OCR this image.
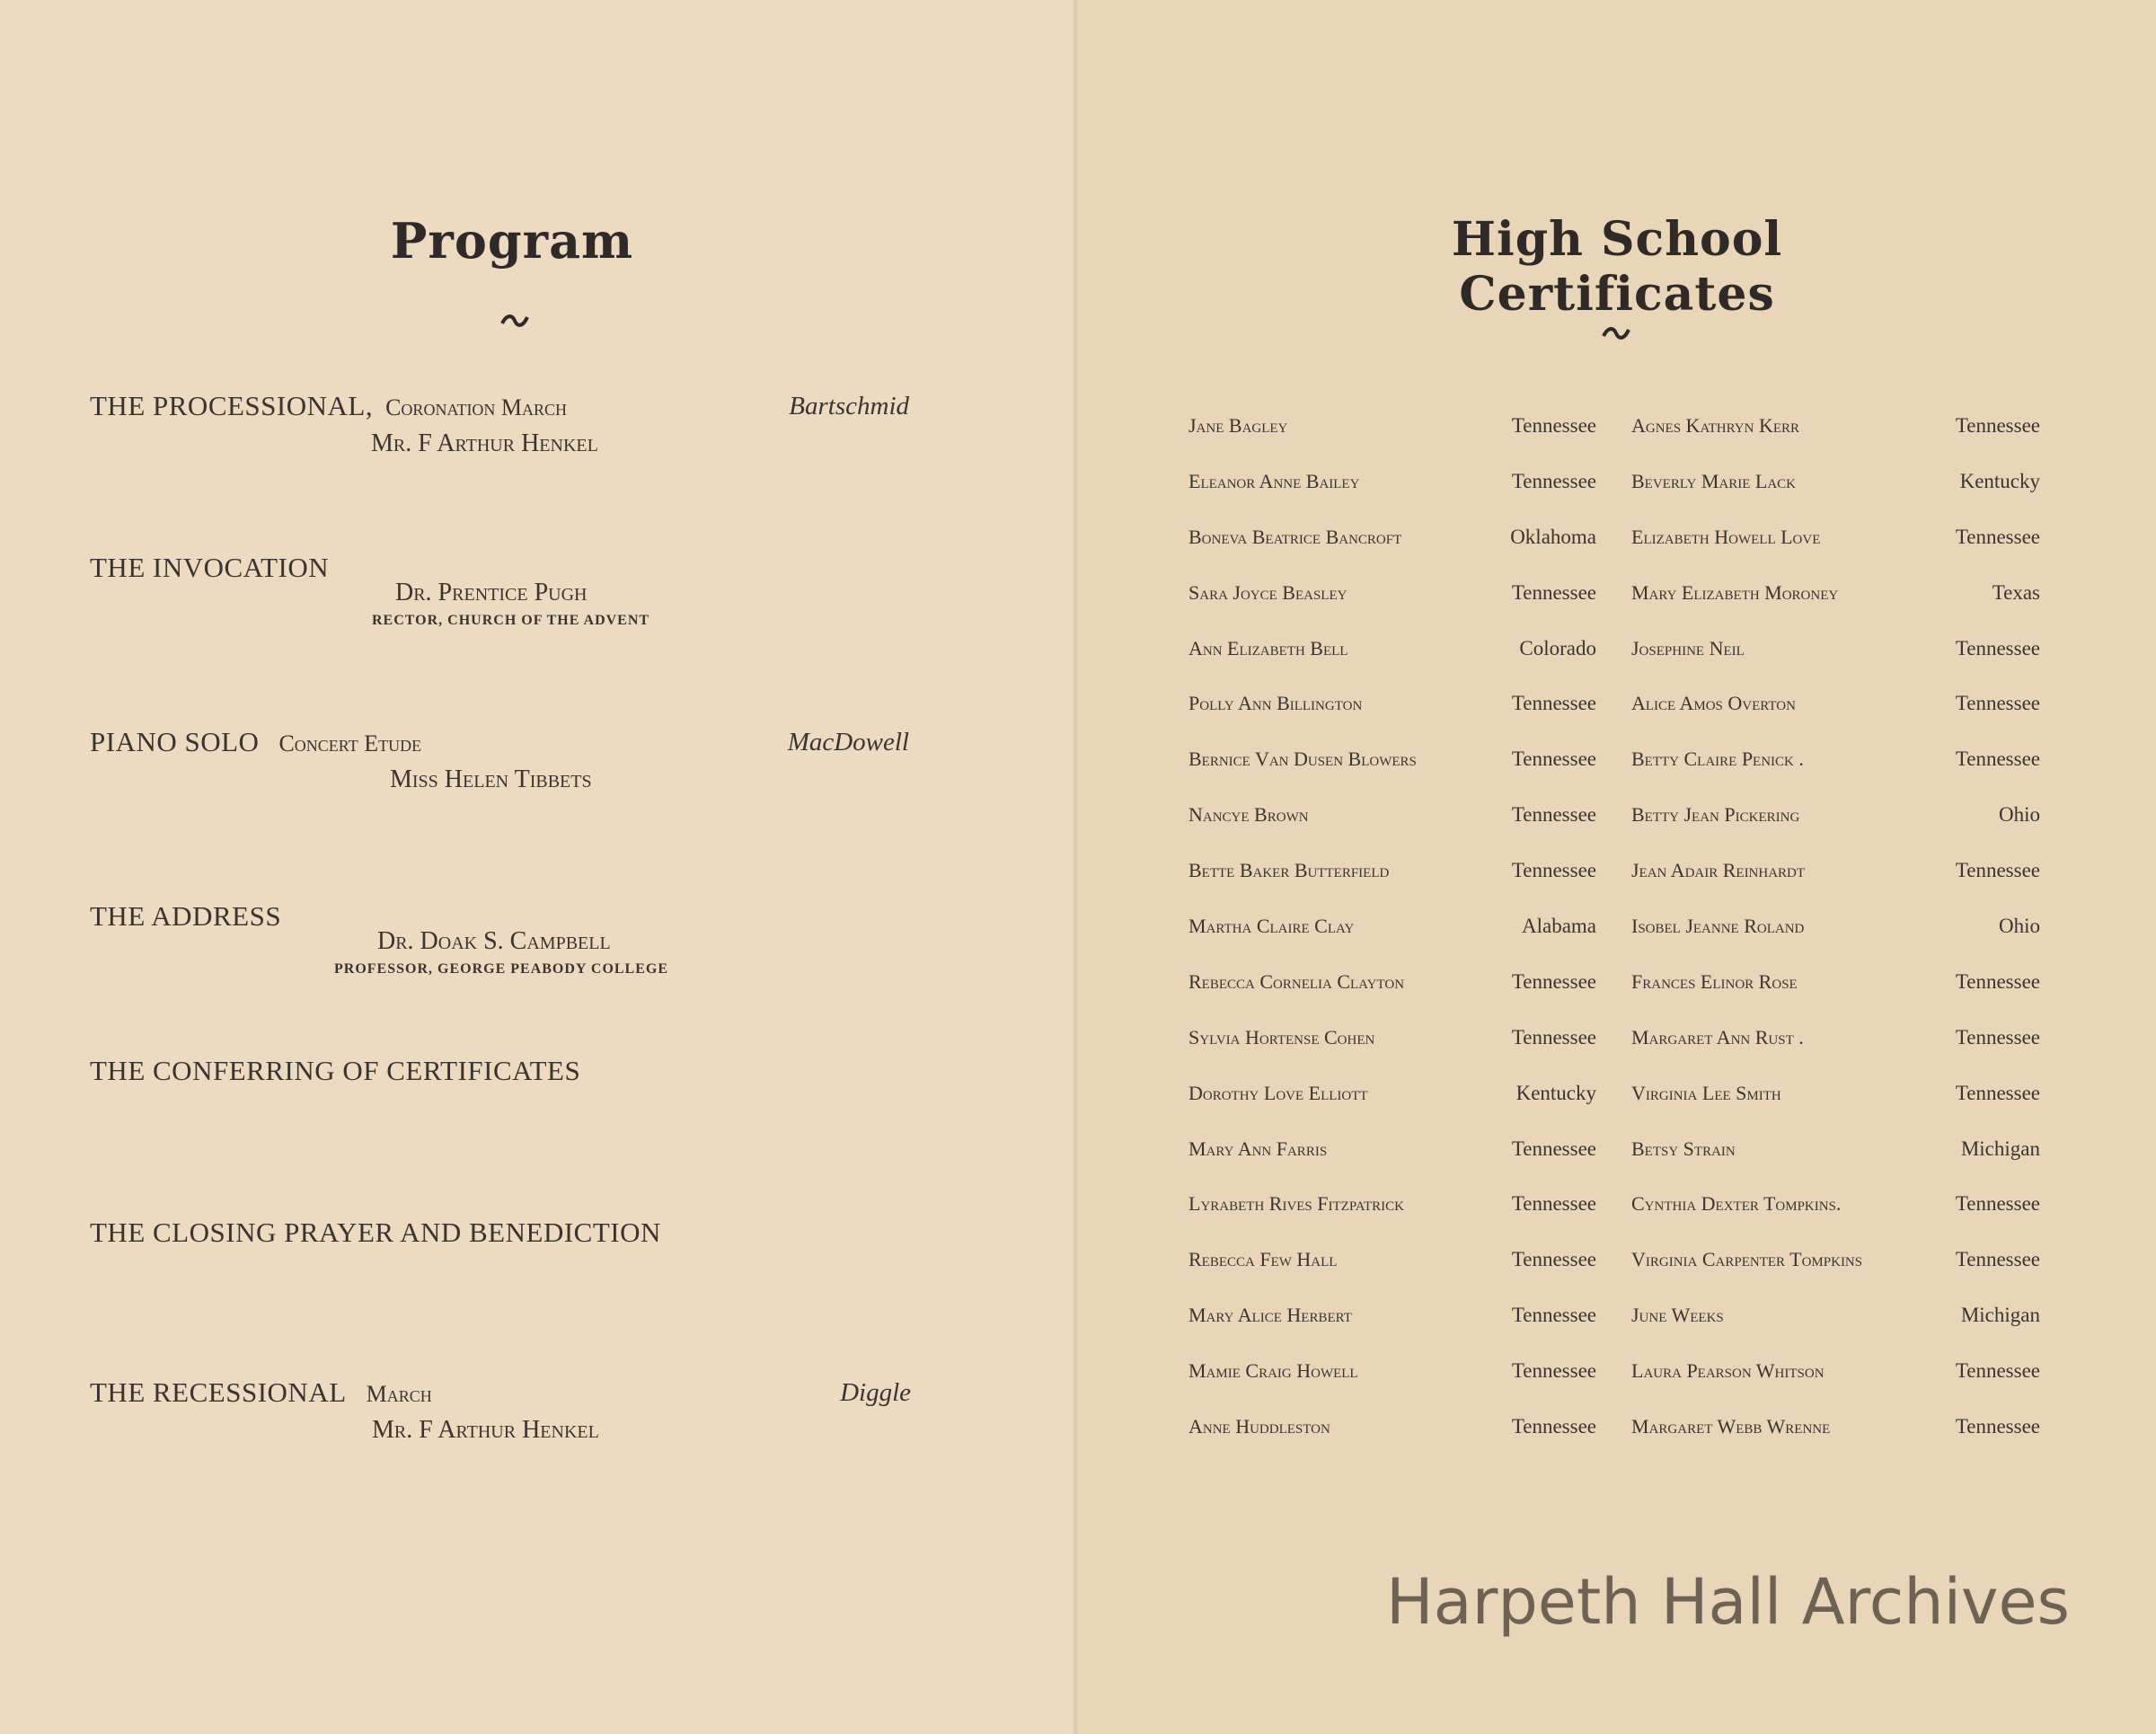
Program
THE PROCESSIONAL, Coronation March	Bartschmid
Mr. F Arthur Henkel
THE INVOCATION
Dr. Prentice Pugh
RECTOR, CHURCH OF THE ADVENT
PIANO SOLO Concert Etude	MacDowell
Miss Helen Tibbets
THE ADDRESS
Dr. Doak S. Campbell
PROFESSOR, GEORGE PEABODY COLLEGE
THE CONFERRING OF CERTIFICATES
THE CLOSING PRAYER AND BENEDICTION
THE RECESSIONAL March	Diggle
Mr. F Arthur Henkel
High School Certificates
Jane Bagley	Tennessee
Eleanor Anne Bailey	Tennessee
Boneva Beatrice Bancroft	Oklahoma
Sara Joyce Beasley	Tennessee
Ann Elizabeth Bell	Colorado
Polly Ann Billington	Tennessee
Bernice Van Dusen Blowers	Tennessee
Nancye Brown	Tennessee
Bette Baker Butterfield	Tennessee
Martha Claire Clay	Alabama
Rebecca Cornelia Clayton	Tennessee
Sylvia Hortense Cohen	Tennessee
Dorothy Love Elliott	Kentucky
Mary Ann Farris	Tennessee
Lyrabeth Rives Fitzpatrick	Tennessee
Rebecca Few Hall	Tennessee
Mary Alice Herbert	Tennessee
Mamie Craig Howell	Tennessee
Anne Huddleston	Tennessee
Agnes Kathryn Kerr	Tennessee
Beverly Marie Lack	Kentucky
Elizabeth Howell Love	Tennessee
Mary Elizabeth Moroney	Texas
Josephine Neil	Tennessee
Alice Amos Overton	Tennessee
Betty Claire Penick .	Tennessee
Betty Jean Pickering	Ohio
Jean Adair Reinhardt	Tennessee
Isobel Jeanne Roland	Ohio
Frances Elinor Rose	Tennessee
Margaret Ann Rust .	Tennessee
Virginia Lee Smith	Tennessee
Betsy Strain	Michigan
Cynthia Dexter Tompkins.	Tennessee
Virginia Carpenter Tompkins	Tennessee
June Weeks	Michigan
Laura Pearson Whitson	Tennessee
Margaret Webb Wrenne	Tennessee
Harpeth Hall Archives
